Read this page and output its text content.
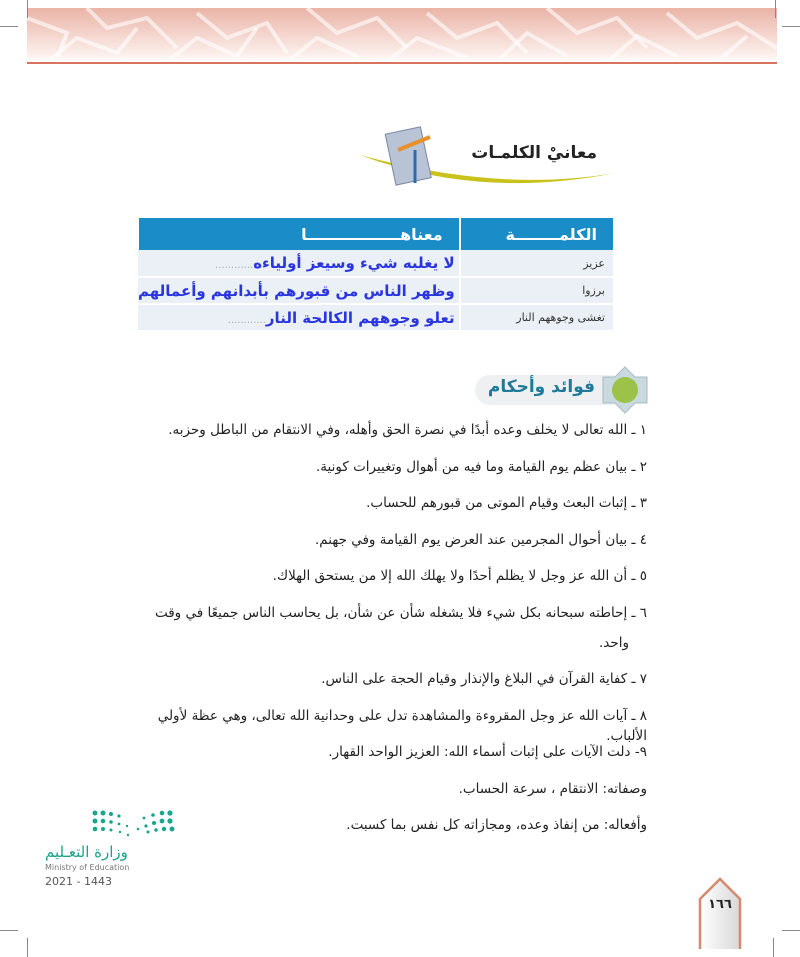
معانيْ الكلمـات
الكلمــــــــة	معناهـــــــــــــــــا
عزيز	لا يغلبه شيء وسيعز أولياءه............
برزوا	وظهر الناس من قبورهم بأبدانهم وأعمالهم
تغشى وجوههم النار	تعلو وجوههم الكالحة النار............
فوائد وأحكام

١ ـ الله تعالى لا يخلف وعده أبدًا في نصرة الحق وأهله، وفي الانتقام من الباطل وحزبه.

٢ ـ بيان عظم يوم القيامة وما فيه من أهوال وتغييرات كونية.

٣ ـ إثبات البعث وقيام الموتى من قبورهم للحساب.

٤ ـ بيان أحوال المجرمين عند العرض يوم القيامة وفي جهنم.

٥ ـ أن الله عز وجل لا يظلم أحدًا ولا يهلك الله إلا من يستحق الهلاك.

٦ ـ إحاطته سبحانه بكل شيء فلا يشغله شأن عن شأن، بل يحاسب الناس جميعًا في وقت

واحد.

٧ ـ كفاية القرآن في البلاغ والإنذار وقيام الحجة على الناس.

٨ ـ آيات الله عز وجل المقروءة والمشاهدة تدل على وحدانية الله تعالى، وهي عظة لأولي الألباب.

٩- دلت الآيات على إثبات أسماء الله: العزيز الواحد القهار.

وصفاته: الانتقام ، سرعة الحساب.

وأفعاله: من إنفاذ وعده، ومجازاته كل نفس بما كسبت.

وزارة التعـليم
Ministry of Education
2021 - 1443
١٦٦
